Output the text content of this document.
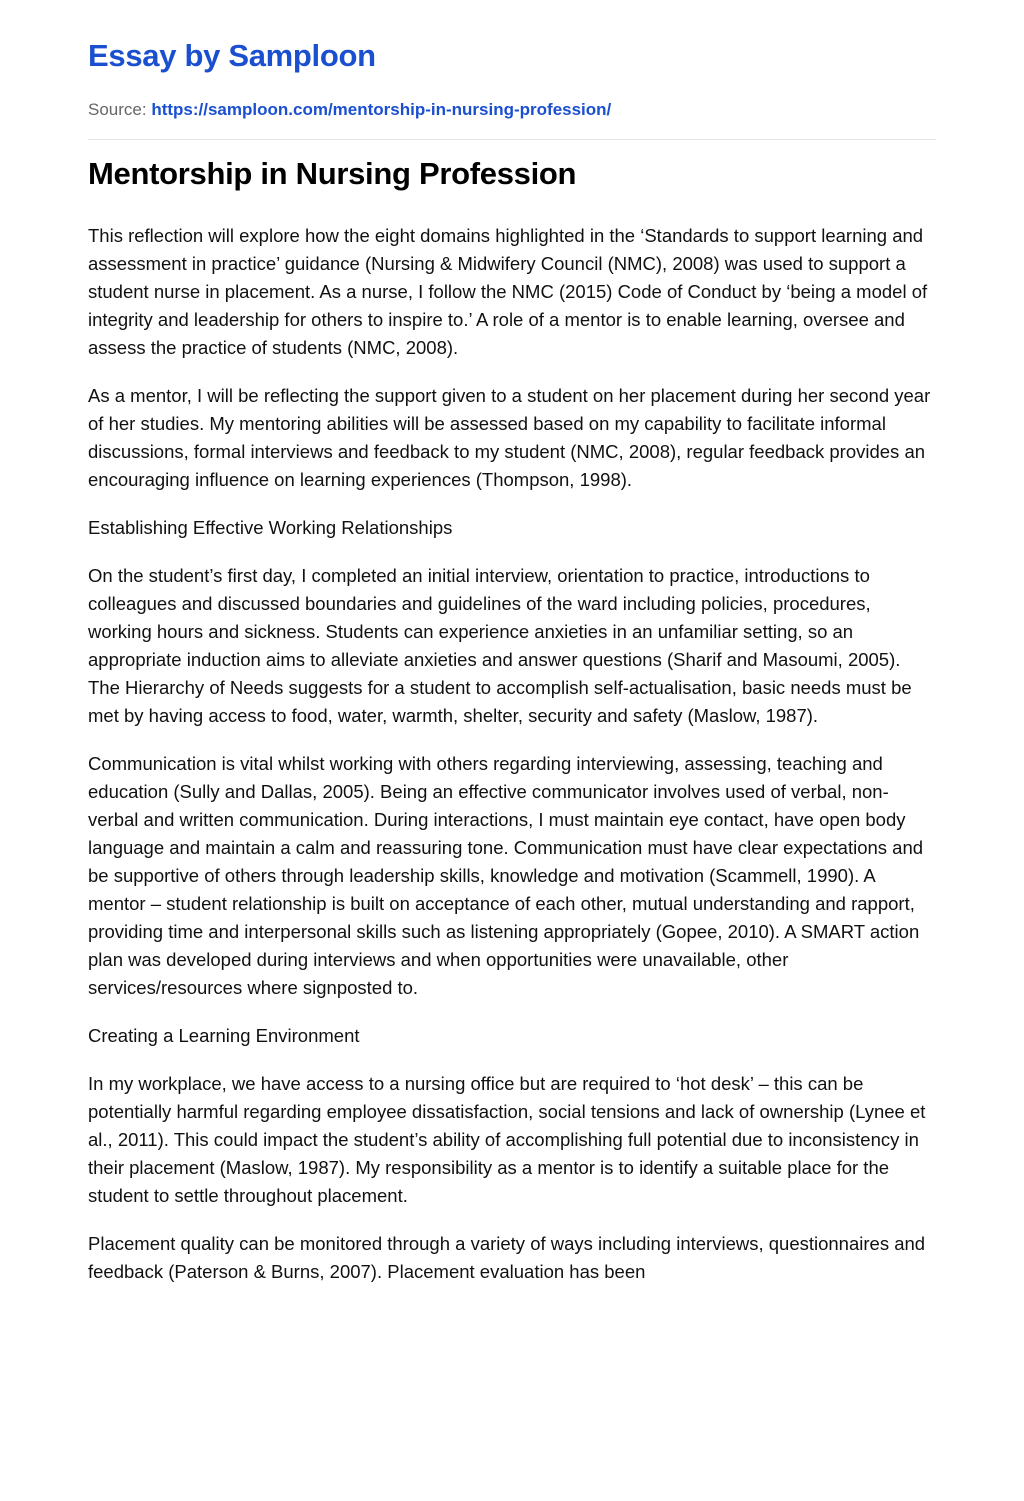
Essay by Samploon
Source: https://samploon.com/mentorship-in-nursing-profession/
Mentorship in Nursing Profession

This reflection will explore how the eight domains highlighted in the ‘Standards to support learning and assessment in practice’ guidance (Nursing & Midwifery Council (NMC), 2008) was used to support a student nurse in placement. As a nurse, I follow the NMC (2015) Code of Conduct by ‘being a model of integrity and leadership for others to inspire to.’ A role of a mentor is to enable learning, oversee and assess the practice of students (NMC, 2008).

As a mentor, I will be reflecting the support given to a student on her placement during her second year of her studies. My mentoring abilities will be assessed based on my capability to facilitate informal discussions, formal interviews and feedback to my student (NMC, 2008), regular feedback provides an encouraging influence on learning experiences (Thompson, 1998).

Establishing Effective Working Relationships

On the student’s first day, I completed an initial interview, orientation to practice, introductions to colleagues and discussed boundaries and guidelines of the ward including policies, procedures, working hours and sickness. Students can experience anxieties in an unfamiliar setting, so an appropriate induction aims to alleviate anxieties and answer questions (Sharif and Masoumi, 2005). The Hierarchy of Needs suggests for a student to accomplish self-actualisation, basic needs must be met by having access to food, water, warmth, shelter, security and safety (Maslow, 1987).

Communication is vital whilst working with others regarding interviewing, assessing, teaching and education (Sully and Dallas, 2005). Being an effective communicator involves used of verbal, non-verbal and written communication. During interactions, I must maintain eye contact, have open body language and maintain a calm and reassuring tone. Communication must have clear expectations and be supportive of others through leadership skills, knowledge and motivation (Scammell, 1990). A mentor – student relationship is built on acceptance of each other, mutual understanding and rapport, providing time and interpersonal skills such as listening appropriately (Gopee, 2010). A SMART action plan was developed during interviews and when opportunities were unavailable, other services/resources where signposted to.

Creating a Learning Environment

In my workplace, we have access to a nursing office but are required to ‘hot desk’ – this can be potentially harmful regarding employee dissatisfaction, social tensions and lack of ownership (Lynee et al., 2011). This could impact the student’s ability of accomplishing full potential due to inconsistency in their placement (Maslow, 1987). My responsibility as a mentor is to identify a suitable place for the student to settle throughout placement.

Placement quality can be monitored through a variety of ways including interviews, questionnaires and feedback (Paterson & Burns, 2007). Placement evaluation has been
